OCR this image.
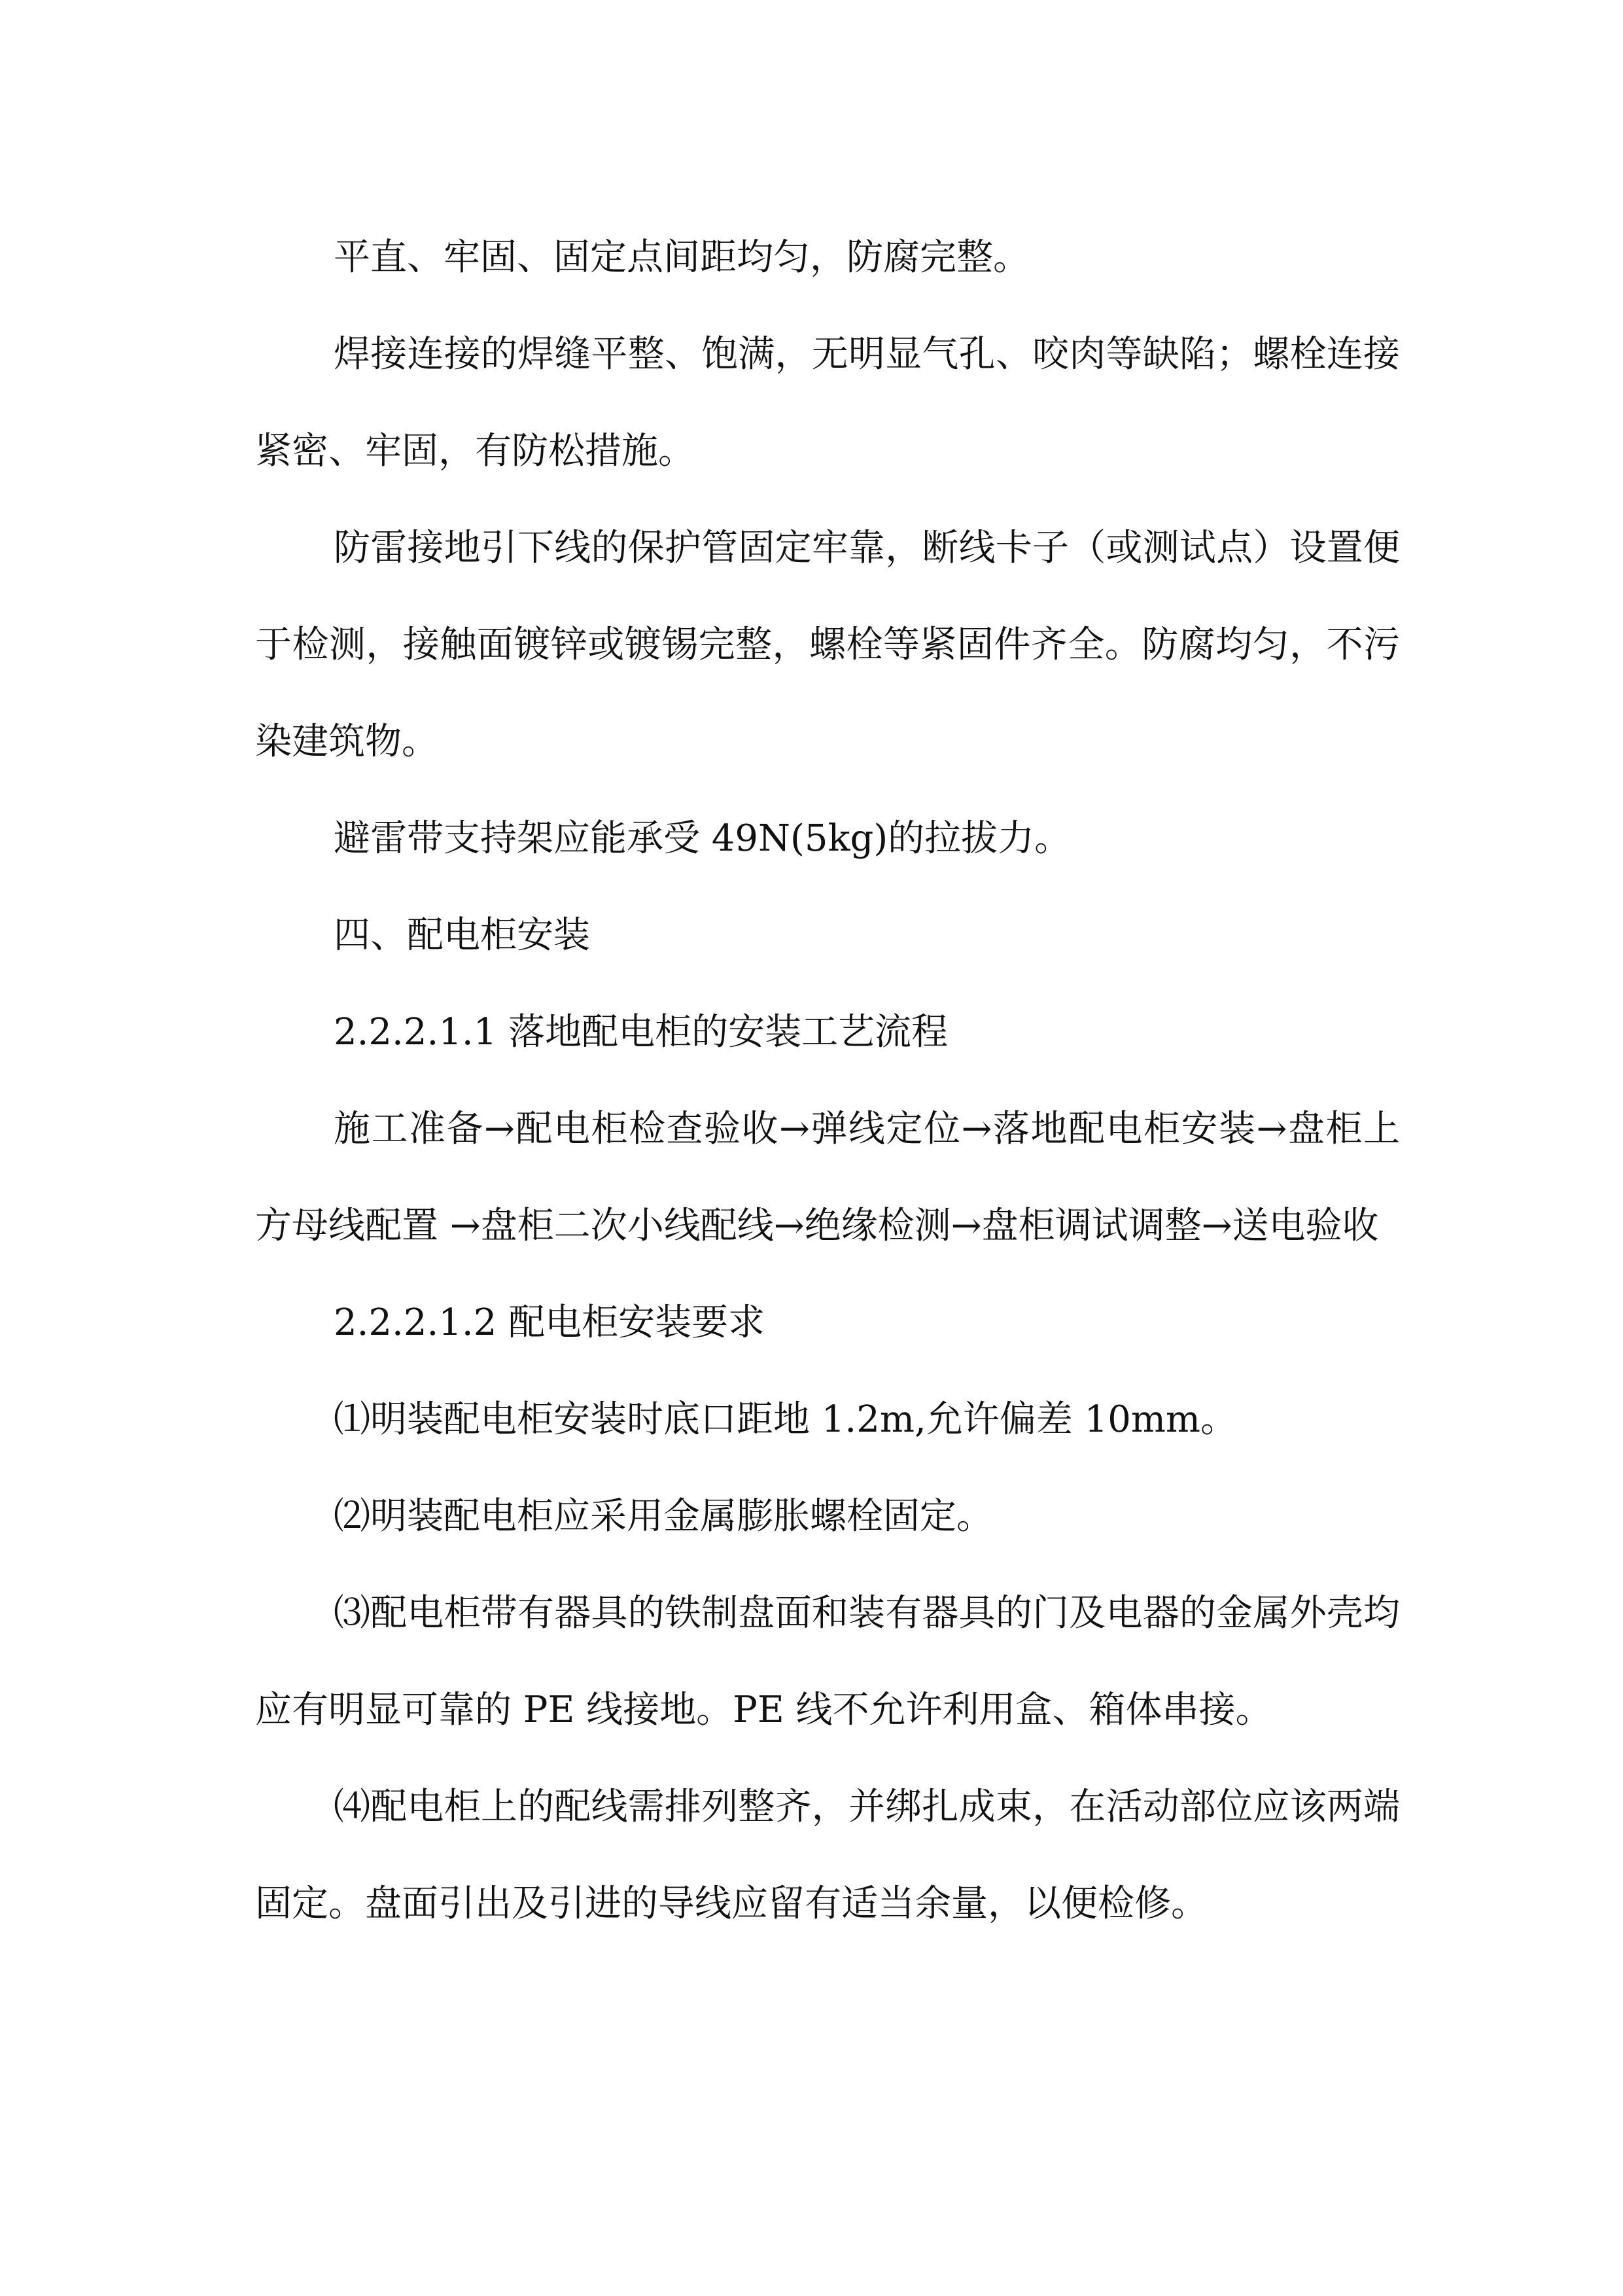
平直、牢固、固定点间距均匀，防腐完整。

焊接连接的焊缝平整、饱满，无明显气孔、咬肉等缺陷；螺栓连接紧密、牢固，有防松措施。

防雷接地引下线的保护管固定牢靠，断线卡子（或测试点）设置便于检测，接触面镀锌或镀锡完整，螺栓等紧固件齐全。防腐均匀，不污染建筑物。

避雷带支持架应能承受 49N(5kg)的拉拔力。

四、配电柜安装

2.2.2.1.1 落地配电柜的安装工艺流程

施工准备→配电柜检查验收→弹线定位→落地配电柜安装→盘柜上方母线配置 →盘柜二次小线配线→绝缘检测→盘柜调试调整→送电验收

2.2.2.1.2 配电柜安装要求

⑴明装配电柜安装时底口距地 1.2m,允许偏差 10mm。

⑵明装配电柜应采用金属膨胀螺栓固定。

⑶配电柜带有器具的铁制盘面和装有器具的门及电器的金属外壳均应有明显可靠的 PE 线接地。PE 线不允许利用盒、箱体串接。

⑷配电柜上的配线需排列整齐，并绑扎成束，在活动部位应该两端固定。盘面引出及引进的导线应留有适当余量，以便检修。
